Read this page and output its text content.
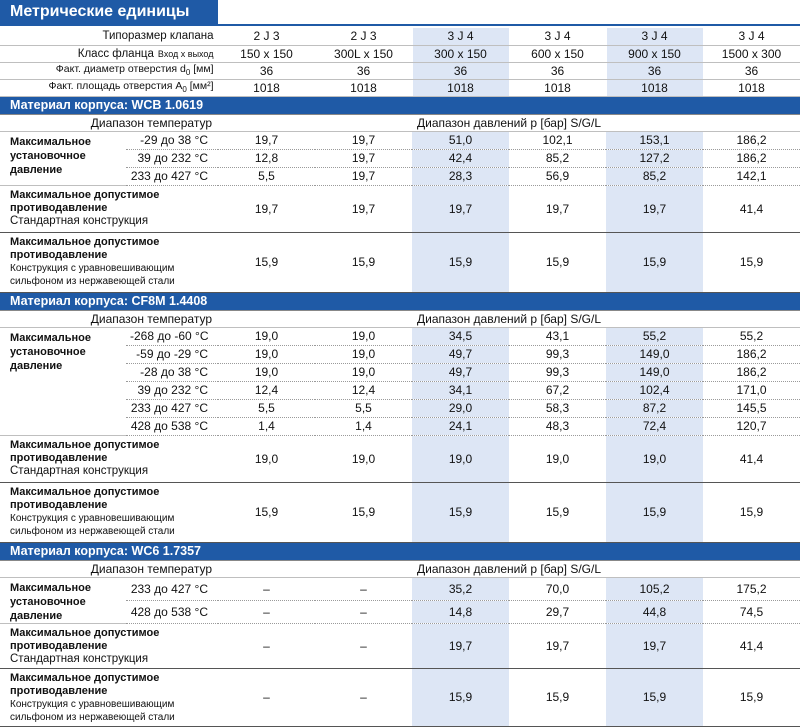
Метрические единицы
Типоразмер клапана		2 J 3	2 J 3	3 J 4	3 J 4	3 J 4	3 J 4
Класс фланца Вход x выход		150 x 150	300L x 150	300 x 150	600 x 150	900 x 150	1500 x 300
Факт. диаметр отверстия $d_0$ [мм]		36	36	36	36	36	36
Факт. площадь отверстия $A_0$ [мм²]		1018	1018	1018	1018	1018	1018
Материал корпуса: WCB 1.0619							
Диапазон температур		Диапазон давлений p [бар] S/G/L					
Максимальное установочное давление	-29 до 38 °C	19,7	19,7	51,0	102,1	153,1	186,2
	39 до 232 °C	12,8	19,7	42,4	85,2	127,2	186,2
	233 до 427 °C	5,5	19,7	28,3	56,9	85,2	142,1
Максимальное допустимое противодавление
Стандартная конструкция		19,7	19,7	19,7	19,7	19,7	41,4
Максимальное допустимое противодавление
Конструкция с уравновешивающим сильфоном из нержавеющей стали		15,9	15,9	15,9	15,9	15,9	15,9
Материал корпуса: CF8M 1.4408							
Диапазон температур		Диапазон давлений p [бар] S/G/L					
Максимальное установочное давление	-268 до -60 °C	19,0	19,0	34,5	43,1	55,2	55,2
	-59 до -29 °C	19,0	19,0	49,7	99,3	149,0	186,2
	-28 до 38 °C	19,0	19,0	49,7	99,3	149,0	186,2
	39 до 232 °C	12,4	12,4	34,1	67,2	102,4	171,0
	233 до 427 °C	5,5	5,5	29,0	58,3	87,2	145,5
	428 до 538 °C	1,4	1,4	24,1	48,3	72,4	120,7
Максимальное допустимое противодавление
Стандартная конструкция		19,0	19,0	19,0	19,0	19,0	41,4
Максимальное допустимое противодавление
Конструкция с уравновешивающим сильфоном из нержавеющей стали		15,9	15,9	15,9	15,9	15,9	15,9
Материал корпуса: WC6 1.7357							
Диапазон температур		Диапазон давлений p [бар] S/G/L					
Максимальное установочное давление	233 до 427 °C	–	–	35,2	70,0	105,2	175,2
	428 до 538 °C	–	–	14,8	29,7	44,8	74,5
Максимальное допустимое противодавление
Стандартная конструкция		–	–	19,7	19,7	19,7	41,4
Максимальное допустимое противодавление
Конструкция с уравновешивающим сильфоном из нержавеющей стали		–	–	15,9	15,9	15,9	15,9
